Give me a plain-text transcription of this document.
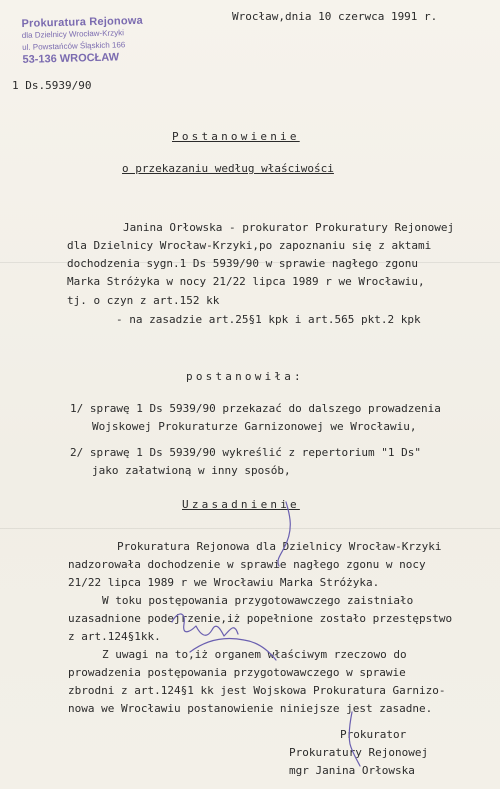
Prokuratura Rejonowa
dla Dzielnicy Wrocław-Krzyki
ul. Powstańców Śląskich 166
53-136 WROCŁAW
Wrocław,dnia 10 czerwca 1991 r.
1 Ds.5939/90
Postanowienie
o przekazaniu według właściwości
Janina Orłowska - prokurator Prokuratury Rejonowej
dla Dzielnicy Wrocław-Krzyki,po zapoznaniu się z aktami
dochodzenia sygn.1 Ds 5939/90 w sprawie nagłego zgonu
Marka Stróżyka w nocy 21/22 lipca 1989 r we Wrocławiu,
tj. o czyn z art.152 kk
- na zasadzie art.25§1 kpk i art.565 pkt.2 kpk
postanowiła:
1/ sprawę 1 Ds 5939/90 przekazać do dalszego prowadzenia
Wojskowej Prokuraturze Garnizonowej we Wrocławiu,
2/ sprawę 1 Ds 5939/90 wykreślić z repertorium "1 Ds"
jako załatwioną w inny sposób,
Uzasadnienie
Prokuratura Rejonowa dla Dzielnicy Wrocław-Krzyki
nadzorowała dochodzenie w sprawie nagłego zgonu w nocy
21/22 lipca 1989 r we Wrocławiu Marka Stróżyka.
W toku postępowania przygotowawczego zaistniało
uzasadnione podejrzenie,iż popełnione zostało przestępstwo
z art.124§1kk.
Z uwagi na to,iż organem właściwym rzeczowo do
prowadzenia postępowania przygotowawczego w sprawie
zbrodni z art.124§1 kk jest Wojskowa Prokuratura Garnizo-
nowa we Wrocławiu postanowienie niniejsze jest zasadne.
Prokurator
Prokuratury Rejonowej
mgr Janina Orłowska
